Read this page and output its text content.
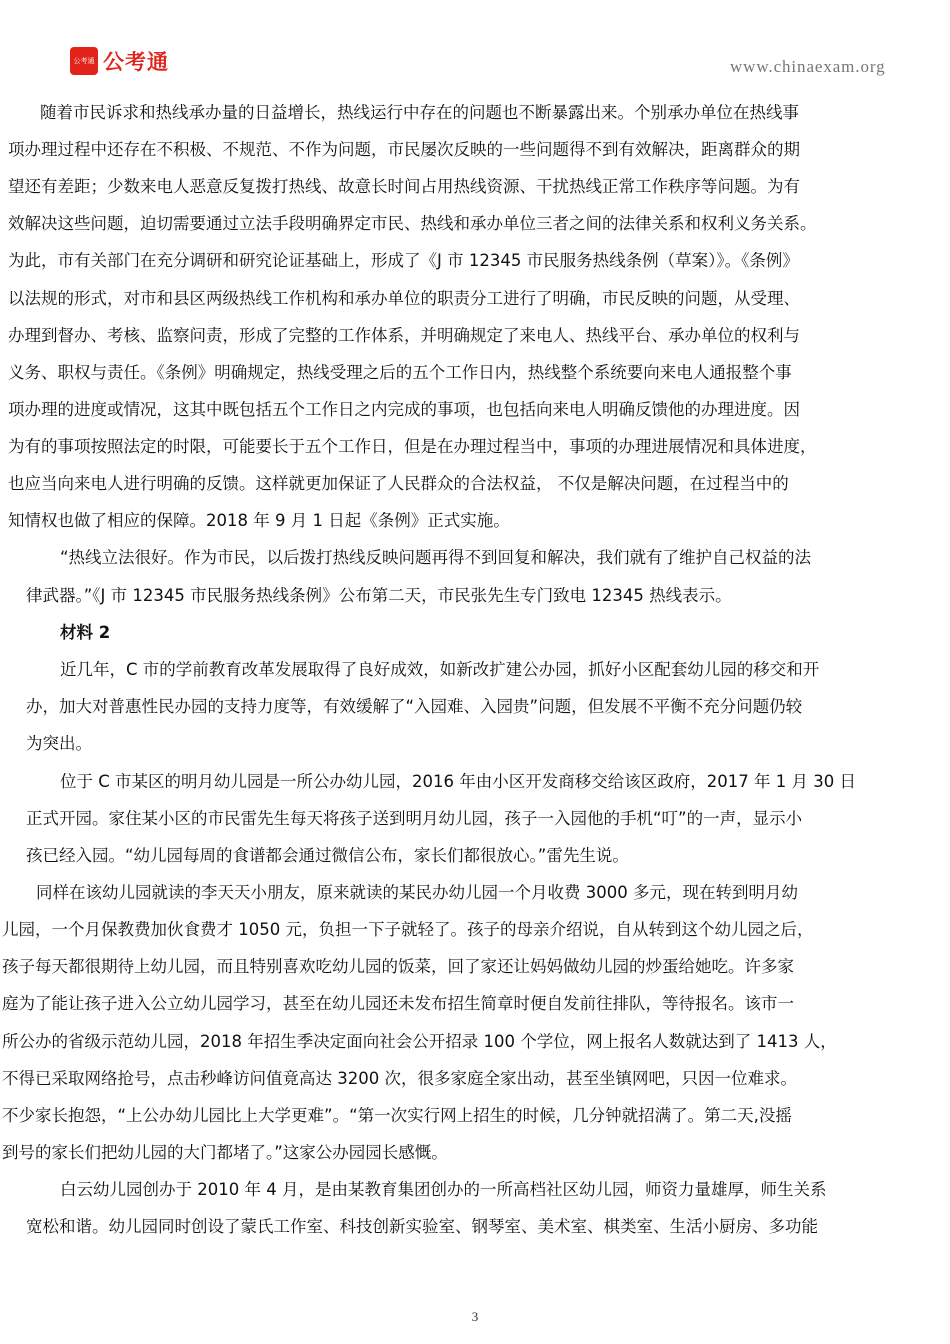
公考通 公考通	www.chinaexam.org
随着市民诉求和热线承办量的日益增长，热线运行中存在的问题也不断暴露出来。个别承办单位在热线事
项办理过程中还存在不积极、不规范、不作为问题，市民屡次反映的一些问题得不到有效解决，距离群众的期
望还有差距；少数来电人恶意反复拨打热线、故意长时间占用热线资源、干扰热线正常工作秩序等问题。为有
效解决这些问题，迫切需要通过立法手段明确界定市民、热线和承办单位三者之间的法律关系和权利义务关系。
为此，市有关部门在充分调研和研究论证基础上，形成了《J 市 12345 市民服务热线条例（草案）》。《条例》
以法规的形式，对市和县区两级热线工作机构和承办单位的职责分工进行了明确，市民反映的问题，从受理、
办理到督办、考核、监察问责，形成了完整的工作体系，并明确规定了来电人、热线平台、承办单位的权利与
义务、职权与责任。《条例》明确规定，热线受理之后的五个工作日内，热线整个系统要向来电人通报整个事
项办理的进度或情况，这其中既包括五个工作日之内完成的事项，也包括向来电人明确反馈他的办理进度。因
为有的事项按照法定的时限，可能要长于五个工作日，但是在办理过程当中，事项的办理进展情况和具体进度，
也应当向来电人进行明确的反馈。这样就更加保证了人民群众的合法权益， 不仅是解决问题，在过程当中的
知情权也做了相应的保障。2018 年 9 月 1 日起《条例》正式实施。
“热线立法很好。作为市民，以后拨打热线反映问题再得不到回复和解决，我们就有了维护自己权益的法
律武器。”《J 市 12345 市民服务热线条例》公布第二天，市民张先生专门致电 12345 热线表示。
材料 2
近几年，C 市的学前教育改革发展取得了良好成效，如新改扩建公办园，抓好小区配套幼儿园的移交和开
办，加大对普惠性民办园的支持力度等，有效缓解了“入园难、入园贵”问题，但发展不平衡不充分问题仍较
为突出。
位于 C 市某区的明月幼儿园是一所公办幼儿园，2016 年由小区开发商移交给该区政府，2017 年 1 月 30 日
正式开园。家住某小区的市民雷先生每天将孩子送到明月幼儿园，孩子一入园他的手机“叮”的一声，显示小
孩已经入园。“幼儿园每周的食谱都会通过微信公布，家长们都很放心。”雷先生说。
同样在该幼儿园就读的李天天小朋友，原来就读的某民办幼儿园一个月收费 3000 多元，现在转到明月幼
儿园，一个月保教费加伙食费才 1050 元，负担一下子就轻了。孩子的母亲介绍说，自从转到这个幼儿园之后，
孩子每天都很期待上幼儿园，而且特别喜欢吃幼儿园的饭菜，回了家还让妈妈做幼儿园的炒蛋给她吃。许多家
庭为了能让孩子进入公立幼儿园学习，甚至在幼儿园还未发布招生简章时便自发前往排队，等待报名。该市一
所公办的省级示范幼儿园，2018 年招生季决定面向社会公开招录 100 个学位，网上报名人数就达到了 1413 人，
不得已采取网络抢号，点击秒峰访问值竟高达 3200 次，很多家庭全家出动，甚至坐镇网吧，只因一位难求。
不少家长抱怨，“上公办幼儿园比上大学更难”。“第一次实行网上招生的时候，几分钟就招满了。第二天,没摇
到号的家长们把幼儿园的大门都堵了。”这家公办园园长感慨。
白云幼儿园创办于 2010 年 4 月，是由某教育集团创办的一所高档社区幼儿园，师资力量雄厚，师生关系
宽松和谐。幼儿园同时创设了蒙氏工作室、科技创新实验室、钢琴室、美术室、棋类室、生活小厨房、多功能
3
